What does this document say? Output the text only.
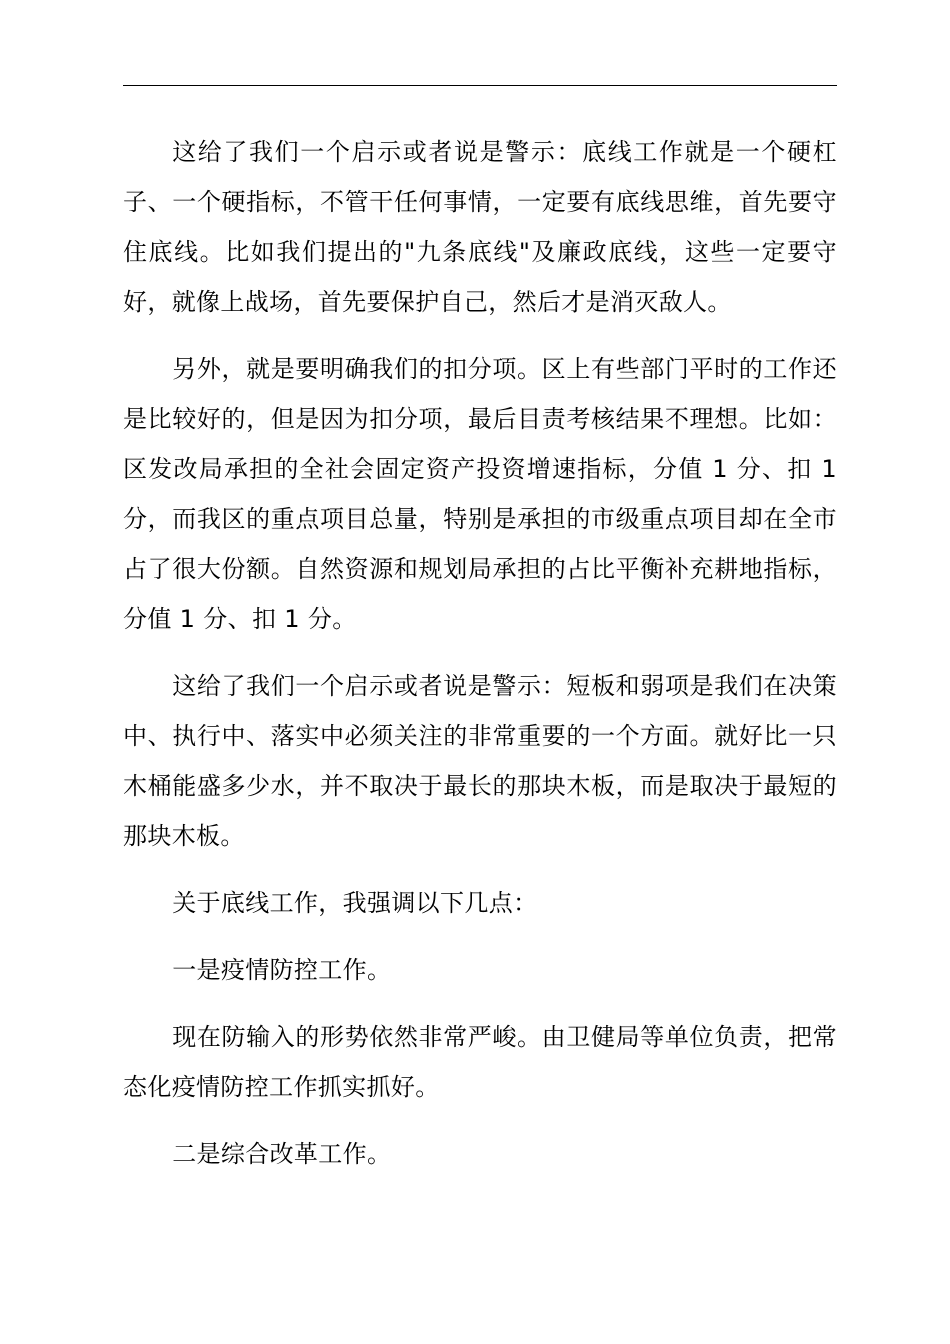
这给了我们一个启示或者说是警示：底线工作就是一个硬杠子、一个硬指标，不管干任何事情，一定要有底线思维，首先要守住底线。比如我们提出的"九条底线"及廉政底线，这些一定要守好，就像上战场，首先要保护自己，然后才是消灭敌人。

另外，就是要明确我们的扣分项。区上有些部门平时的工作还是比较好的，但是因为扣分项，最后目责考核结果不理想。比如：区发改局承担的全社会固定资产投资增速指标，分值 1 分、扣 1 分，而我区的重点项目总量，特别是承担的市级重点项目却在全市占了很大份额。自然资源和规划局承担的占比平衡补充耕地指标，分值 1 分、扣 1 分。

这给了我们一个启示或者说是警示：短板和弱项是我们在决策中、执行中、落实中必须关注的非常重要的一个方面。就好比一只木桶能盛多少水，并不取决于最长的那块木板，而是取决于最短的那块木板。

关于底线工作，我强调以下几点：

一是疫情防控工作。

现在防输入的形势依然非常严峻。由卫健局等单位负责，把常态化疫情防控工作抓实抓好。

二是综合改革工作。
